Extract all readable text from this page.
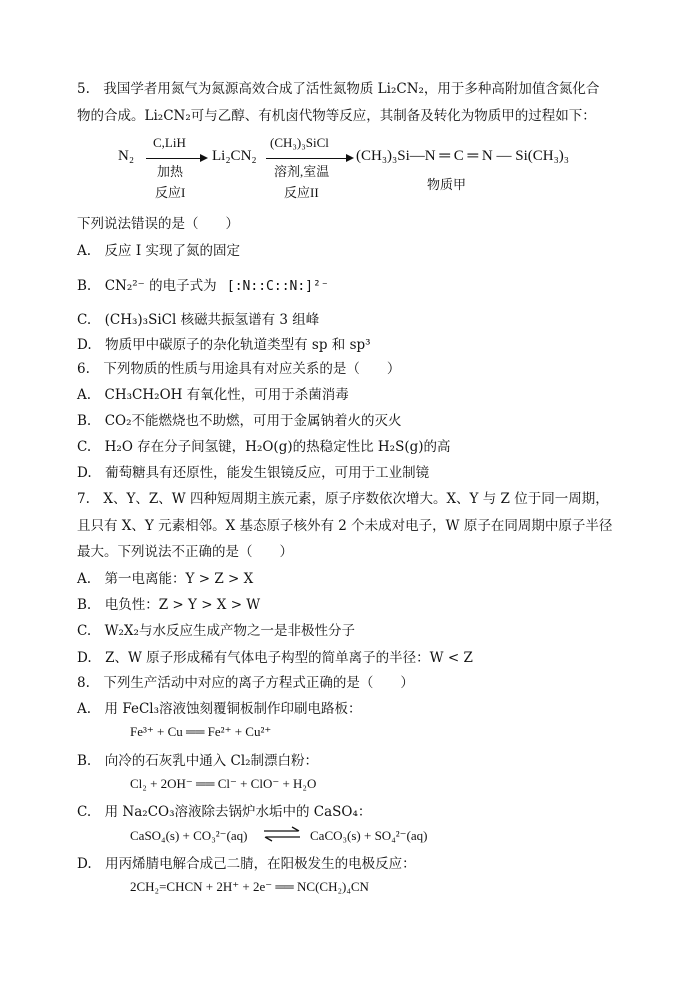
5.　我国学者用氮气为氮源高效合成了活性氮物质 Li₂CN₂，用于多种高附加值含氮化合
物的合成。Li₂CN₂可与乙醇、有机卤代物等反应，其制备及转化为物质甲的过程如下：
N₂
C,LiH
加热
反应I
Li₂CN₂
(CH₃)₃SiCl
溶剂,室温
反应II
(CH₃)₃Si—N ═ C ═ N — Si(CH₃)₃
物质甲
下列说法错误的是（　　）
A.　反应 I 实现了氮的固定
B.　CN₂²⁻ 的电子式为 [:N::C::N:]²⁻
C.　(CH₃)₃SiCl 核磁共振氢谱有 3 组峰
D.　物质甲中碳原子的杂化轨道类型有 sp 和 sp³
6.　下列物质的性质与用途具有对应关系的是（　　）
A.　CH₃CH₂OH 有氧化性，可用于杀菌消毒
B.　CO₂不能燃烧也不助燃，可用于金属钠着火的灭火
C.　H₂O 存在分子间氢键，H₂O(g)的热稳定性比 H₂S(g)的高
D.　葡萄糖具有还原性，能发生银镜反应，可用于工业制镜
7.　X、Y、Z、W 四种短周期主族元素，原子序数依次增大。X、Y 与 Z 位于同一周期，
且只有 X、Y 元素相邻。X 基态原子核外有 2 个未成对电子，W 原子在同周期中原子半径
最大。下列说法不正确的是（　　）
A.　第一电离能：Y > Z > X
B.　电负性：Z > Y > X > W
C.　W₂X₂与水反应生成产物之一是非极性分子
D.　Z、W 原子形成稀有气体电子构型的简单离子的半径：W < Z
8.　下列生产活动中对应的离子方程式正确的是（　　）
A.　用 FeCl₃溶液蚀刻覆铜板制作印刷电路板：
Fe³⁺ + Cu ══ Fe²⁺ + Cu²⁺
B.　向冷的石灰乳中通入 Cl₂制漂白粉：
Cl₂ + 2OH⁻ ══ Cl⁻ + ClO⁻ + H₂O
C.　用 Na₂CO₃溶液除去锅炉水垢中的 CaSO₄：
CaSO₄(s) + CO₃²⁻(aq) ⇌ CaCO₃(s) + SO₄²⁻(aq)
D.　用丙烯腈电解合成己二腈，在阳极发生的电极反应：
2CH₂=CHCN + 2H⁺ + 2e⁻ ══ NC(CH₂)₄CN
